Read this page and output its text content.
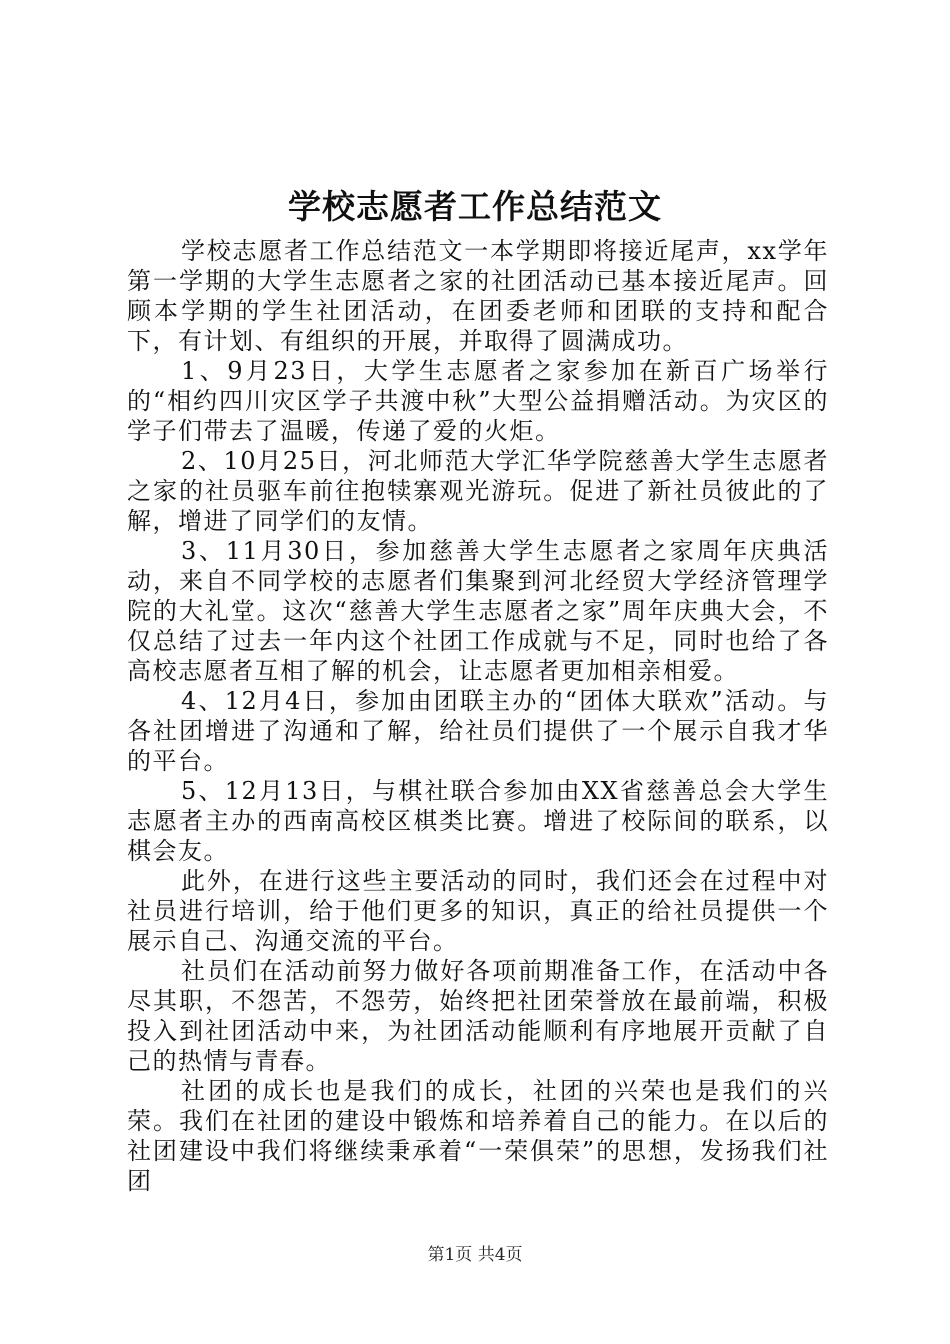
学校志愿者工作总结范文

学校志愿者工作总结范文一本学期即将接近尾声，xx学年第一学期的大学生志愿者之家的社团活动已基本接近尾声。回顾本学期的学生社团活动，在团委老师和团联的支持和配合下，有计划、有组织的开展，并取得了圆满成功。

1、9月23日，大学生志愿者之家参加在新百广场举行的“相约四川灾区学子共渡中秋”大型公益捐赠活动。为灾区的学子们带去了温暖，传递了爱的火炬。

2、10月25日，河北师范大学汇华学院慈善大学生志愿者之家的社员驱车前往抱犊寨观光游玩。促进了新社员彼此的了解，增进了同学们的友情。

3、11月30日，参加慈善大学生志愿者之家周年庆典活动，来自不同学校的志愿者们集聚到河北经贸大学经济管理学院的大礼堂。这次“慈善大学生志愿者之家”周年庆典大会，不仅总结了过去一年内这个社团工作成就与不足，同时也给了各高校志愿者互相了解的机会，让志愿者更加相亲相爱。

4、12月4日，参加由团联主办的“团体大联欢”活动。与各社团增进了沟通和了解，给社员们提供了一个展示自我才华的平台。

5、12月13日，与棋社联合参加由XX省慈善总会大学生志愿者主办的西南高校区棋类比赛。增进了校际间的联系，以棋会友。

此外，在进行这些主要活动的同时，我们还会在过程中对社员进行培训，给于他们更多的知识，真正的给社员提供一个展示自己、沟通交流的平台。

社员们在活动前努力做好各项前期准备工作，在活动中各尽其职，不怨苦，不怨劳，始终把社团荣誉放在最前端，积极投入到社团活动中来，为社团活动能顺利有序地展开贡献了自己的热情与青春。

社团的成长也是我们的成长，社团的兴荣也是我们的兴荣。我们在社团的建设中锻炼和培养着自己的能力。在以后的社团建设中我们将继续秉承着“一荣俱荣”的思想，发扬我们社团

第1页 共4页
